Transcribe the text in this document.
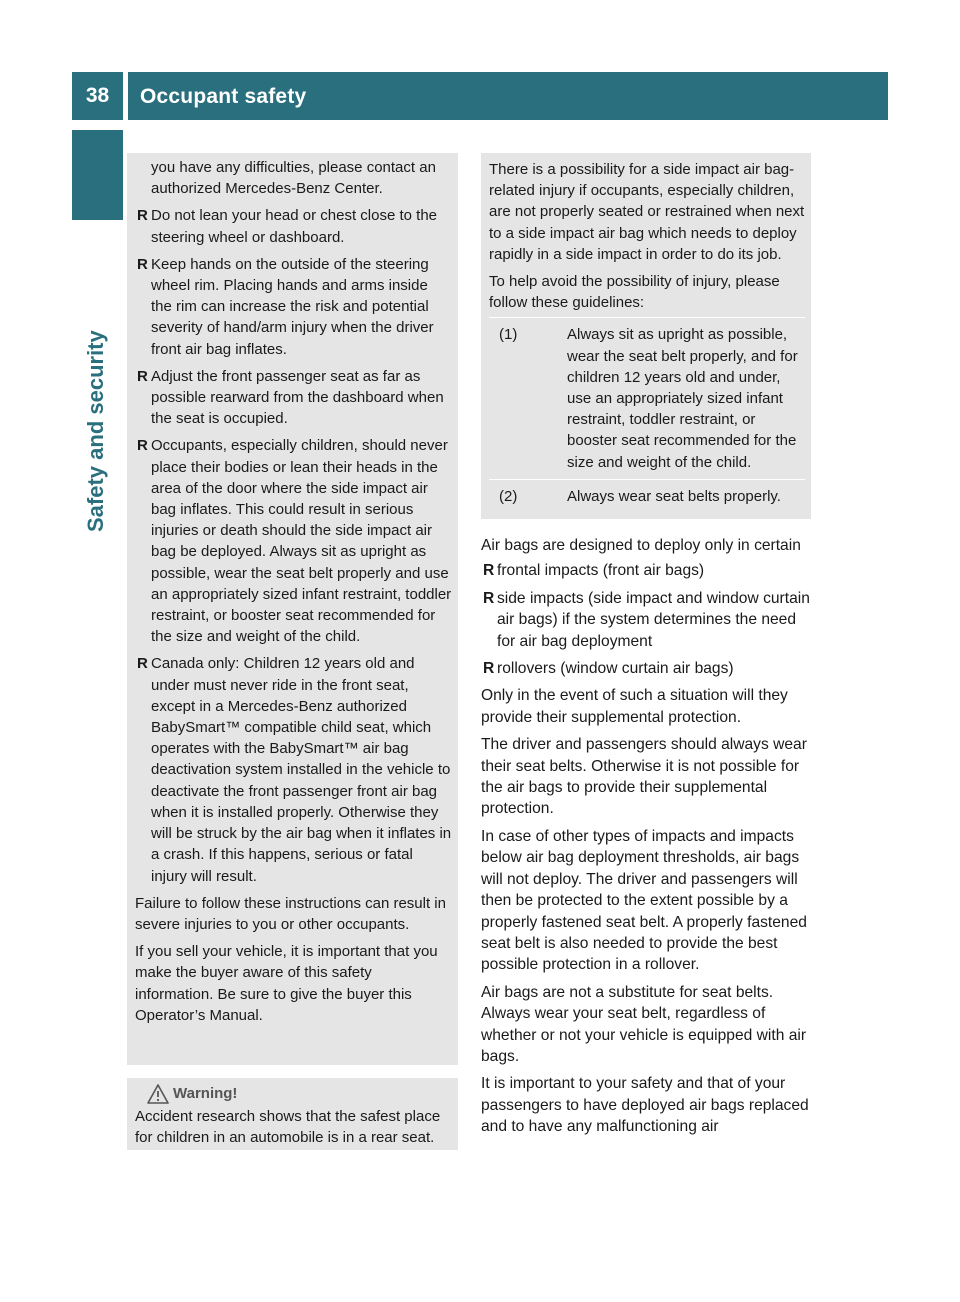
38	Occupant safety
Safety and security

you have any difficulties, please contact an authorized Mercedes-Benz Center.

R Do not lean your head or chest close to the steering wheel or dashboard.
R Keep hands on the outside of the steering wheel rim. Placing hands and arms inside the rim can increase the risk and potential severity of hand/arm injury when the driver front air bag inflates.
R Adjust the front passenger seat as far as possible rearward from the dashboard when the seat is occupied.
R Occupants, especially children, should never place their bodies or lean their heads in the area of the door where the side impact air bag inflates. This could result in serious injuries or death should the side impact air bag be deployed. Always sit as upright as possible, wear the seat belt properly and use an appropriately sized infant restraint, toddler restraint, or booster seat recommended for the size and weight of the child.
R Canada only: Children 12 years old and under must never ride in the front seat, except in a Mercedes-Benz authorized BabySmart™ compatible child seat, which operates with the BabySmart™ air bag deactivation system installed in the vehicle to deactivate the front passenger front air bag when it is installed properly. Otherwise they will be struck by the air bag when it inflates in a crash. If this happens, serious or fatal injury will result.

Failure to follow these instructions can result in severe injuries to you or other occupants.

If you sell your vehicle, it is important that you make the buyer aware of this safety information. Be sure to give the buyer this Operator’s Manual.

Warning!

Accident research shows that the safest place for children in an automobile is in a rear seat.

There is a possibility for a side impact air bag-related injury if occupants, especially children, are not properly seated or restrained when next to a side impact air bag which needs to deploy rapidly in a side impact in order to do its job.

To help avoid the possibility of injury, please follow these guidelines:

(1)	Always sit as upright as possible, wear the seat belt properly, and for children 12 years old and under, use an appropriately sized infant restraint, toddler restraint, or booster seat recommended for the size and weight of the child.
(2)	Always wear seat belts properly.

Air bags are designed to deploy only in certain

R frontal impacts (front air bags)
R side impacts (side impact and window curtain air bags) if the system determines the need for air bag deployment
R rollovers (window curtain air bags)

Only in the event of such a situation will they provide their supplemental protection.

The driver and passengers should always wear their seat belts. Otherwise it is not possible for the air bags to provide their supplemental protection.

In case of other types of impacts and impacts below air bag deployment thresholds, air bags will not deploy. The driver and passengers will then be protected to the extent possible by a properly fastened seat belt. A properly fastened seat belt is also needed to provide the best possible protection in a rollover.

Air bags are not a substitute for seat belts. Always wear your seat belt, regardless of whether or not your vehicle is equipped with air bags.

It is important to your safety and that of your passengers to have deployed air bags replaced and to have any malfunctioning air
